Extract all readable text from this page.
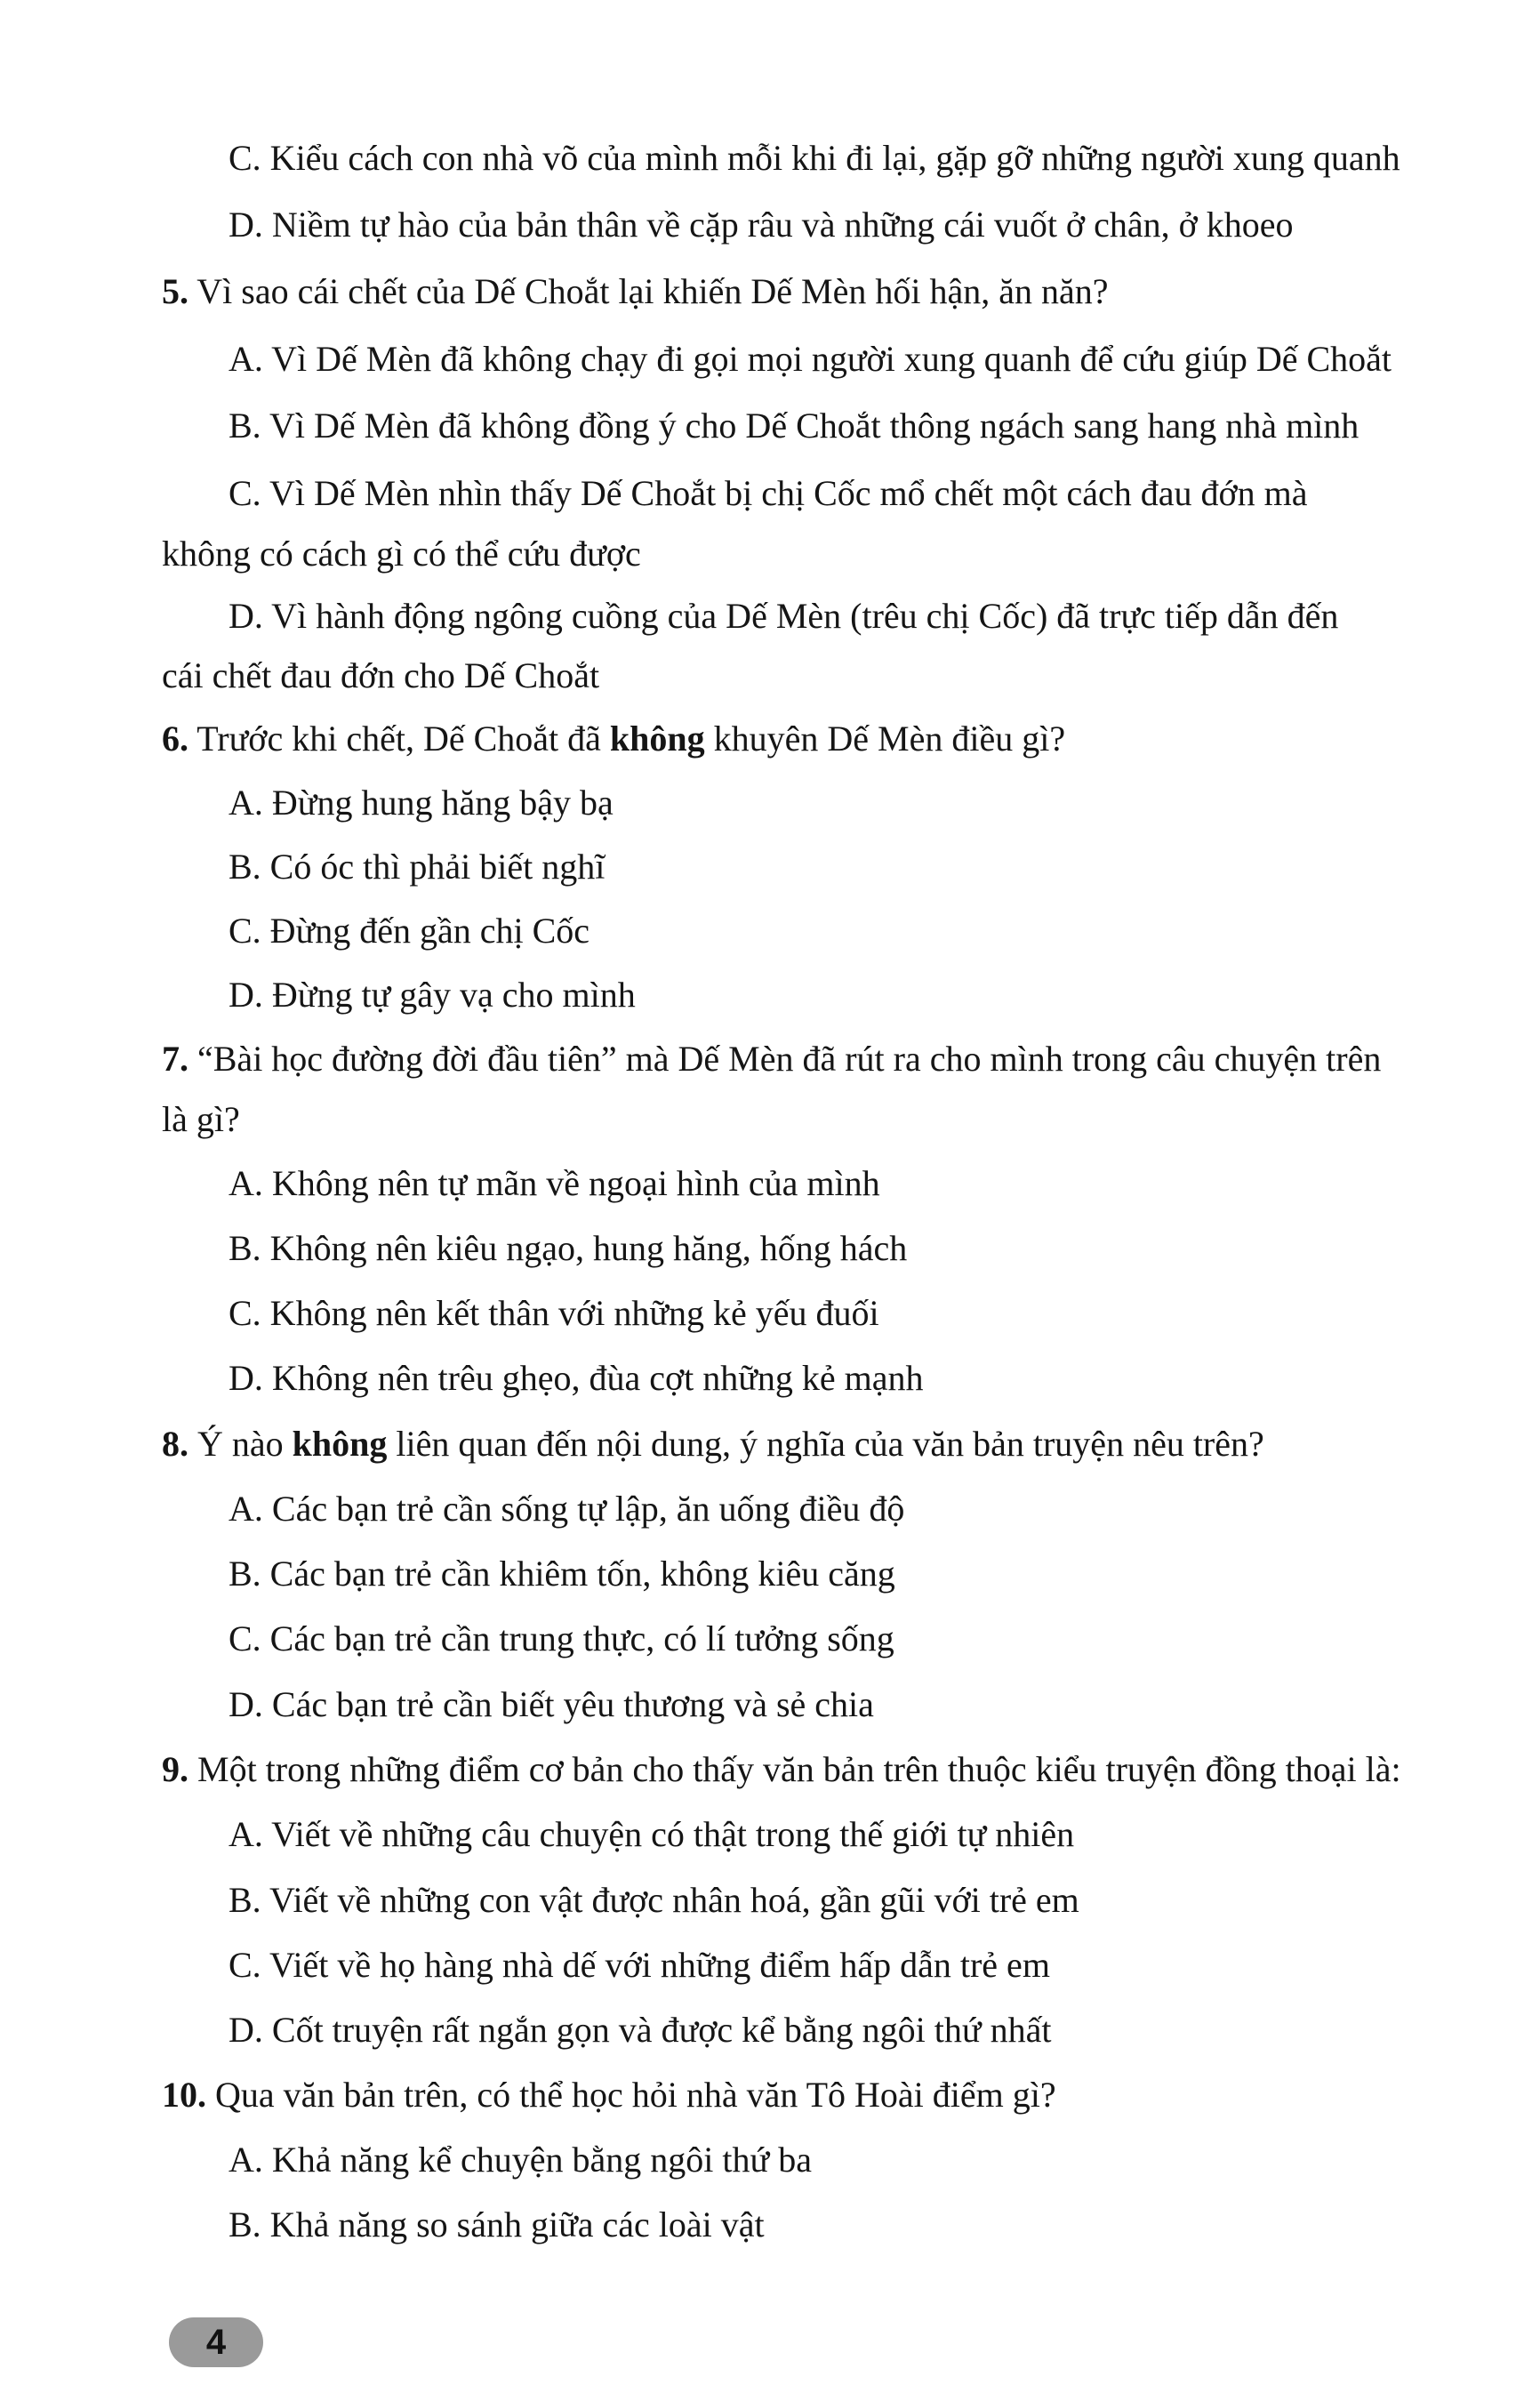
C. Kiểu cách con nhà võ của mình mỗi khi đi lại, gặp gỡ những người xung quanh
D. Niềm tự hào của bản thân về cặp râu và những cái vuốt ở chân, ở khoeo
5. Vì sao cái chết của Dế Choắt lại khiến Dế Mèn hối hận, ăn năn?
A. Vì Dế Mèn đã không chạy đi gọi mọi người xung quanh để cứu giúp Dế Choắt
B. Vì Dế Mèn đã không đồng ý cho Dế Choắt thông ngách sang hang nhà mình
C. Vì Dế Mèn nhìn thấy Dế Choắt bị chị Cốc mổ chết một cách đau đớn mà
không có cách gì có thể cứu được
D. Vì hành động ngông cuồng của Dế Mèn (trêu chị Cốc) đã trực tiếp dẫn đến
cái chết đau đớn cho Dế Choắt
6. Trước khi chết, Dế Choắt đã không khuyên Dế Mèn điều gì?
A. Đừng hung hăng bậy bạ
B. Có óc thì phải biết nghĩ
C. Đừng đến gần chị Cốc
D. Đừng tự gây vạ cho mình
7. “Bài học đường đời đầu tiên” mà Dế Mèn đã rút ra cho mình trong câu chuyện trên
là gì?
A. Không nên tự mãn về ngoại hình của mình
B. Không nên kiêu ngạo, hung hăng, hống hách
C. Không nên kết thân với những kẻ yếu đuối
D. Không nên trêu ghẹo, đùa cợt những kẻ mạnh
8. Ý nào không liên quan đến nội dung, ý nghĩa của văn bản truyện nêu trên?
A. Các bạn trẻ cần sống tự lập, ăn uống điều độ
B. Các bạn trẻ cần khiêm tốn, không kiêu căng
C. Các bạn trẻ cần trung thực, có lí tưởng sống
D. Các bạn trẻ cần biết yêu thương và sẻ chia
9. Một trong những điểm cơ bản cho thấy văn bản trên thuộc kiểu truyện đồng thoại là:
A. Viết về những câu chuyện có thật trong thế giới tự nhiên
B. Viết về những con vật được nhân hoá, gần gũi với trẻ em
C. Viết về họ hàng nhà dế với những điểm hấp dẫn trẻ em
D. Cốt truyện rất ngắn gọn và được kể bằng ngôi thứ nhất
10. Qua văn bản trên, có thể học hỏi nhà văn Tô Hoài điểm gì?
A. Khả năng kể chuyện bằng ngôi thứ ba
B. Khả năng so sánh giữa các loài vật
4
